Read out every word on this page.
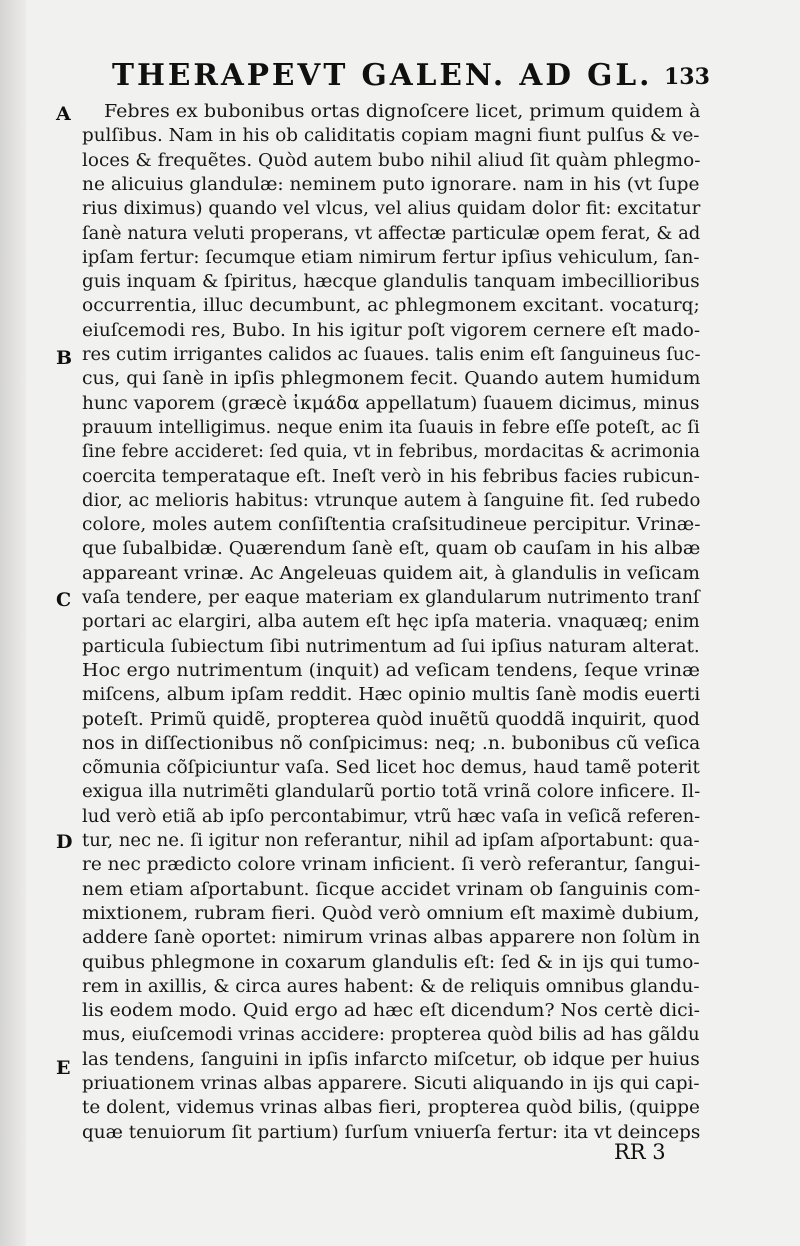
THERAPEVT GALEN. AD GL. 133
A
B
C
D
E
Febres ex bubonibus ortas dignoſcere licet, primum quidem à
pulſibus. Nam in his ob caliditatis copiam magni fiunt pulſus & ve-
loces & frequẽtes. Quòd autem bubo nihil aliud ſit quàm phlegmo-
ne alicuius glandulæ: neminem puto ignorare. nam in his (vt ſupe
rius diximus) quando vel vlcus, vel alius quidam dolor fit: excitatur
ſanè natura veluti properans, vt affectæ particulæ opem ferat, & ad
ipſam fertur: ſecumque etiam nimirum fertur ipſius vehiculum, ſan-
guis inquam & ſpiritus, hæcque glandulis tanquam imbecillioribus
occurrentia, illuc decumbunt, ac phlegmonem excitant. vocaturq;
eiuſcemodi res, Bubo. In his igitur poſt vigorem cernere eſt mado-
res cutim irrigantes calidos ac ſuaues. talis enim eſt ſanguineus ſuc-
cus, qui ſanè in ipſis phlegmonem fecit. Quando autem humidum
hunc vaporem (græcè ἰκμάδα appellatum) ſuauem dicimus, minus
prauum intelligimus. neque enim ita ſuauis in febre eſſe poteſt, ac ſi
ſine febre accideret: ſed quia, vt in febribus, mordacitas & acrimonia
coercita temperataque eſt. Ineſt verò in his febribus facies rubicun-
dior, ac melioris habitus: vtrunque autem à ſanguine fit. ſed rubedo
colore, moles autem conſiſtentia craſsitudineue percipitur. Vrinæ-
que ſubalbidæ. Quærendum ſanè eſt, quam ob cauſam in his albæ
appareant vrinæ. Ac Angeleuas quidem ait, à glandulis in veſicam
vaſa tendere, per eaque materiam ex glandularum nutrimento tranſ
portari ac elargiri, alba autem eſt hęc ipſa materia. vnaquæq; enim
particula ſubiectum ſibi nutrimentum ad ſui ipſius naturam alterat.
Hoc ergo nutrimentum (inquit) ad veſicam tendens, ſeque vrinæ
miſcens, album ipſam reddit. Hæc opinio multis ſanè modis euerti
poteſt. Primũ quidẽ, propterea quòd inuẽtũ quoddã inquirit, quod
nos in diſſectionibus nõ conſpicimus: neq; .n. bubonibus cũ veſica
cõmunia cõſpiciuntur vaſa. Sed licet hoc demus, haud tamẽ poterit
exigua illa nutrimẽti glandularũ portio totã vrinã colore inficere. Il-
lud verò etiã ab ipſo percontabimur, vtrũ hæc vaſa in veſicã referen-
tur, nec ne. ſi igitur non referantur, nihil ad ipſam aſportabunt: qua-
re nec prædicto colore vrinam inficient. ſi verò referantur, ſangui-
nem etiam aſportabunt. ſicque accidet vrinam ob ſanguinis com-
mixtionem, rubram fieri. Quòd verò omnium eſt maximè dubium,
addere ſanè oportet: nimirum vrinas albas apparere non ſolùm in
quibus phlegmone in coxarum glandulis eſt: ſed & in ijs qui tumo-
rem in axillis, & circa aures habent: & de reliquis omnibus glandu-
lis eodem modo. Quid ergo ad hæc eſt dicendum? Nos certè dici-
mus, eiuſcemodi vrinas accidere: propterea quòd bilis ad has gãldu
las tendens, ſanguini in ipſis infarcto miſcetur, ob idque per huius
priuationem vrinas albas apparere. Sicuti aliquando in ijs qui capi-
te dolent, videmus vrinas albas fieri, propterea quòd bilis, (quippe
quæ tenuiorum ſit partium) ſurſum vniuerſa fertur: ita vt deinceps
RR 3
